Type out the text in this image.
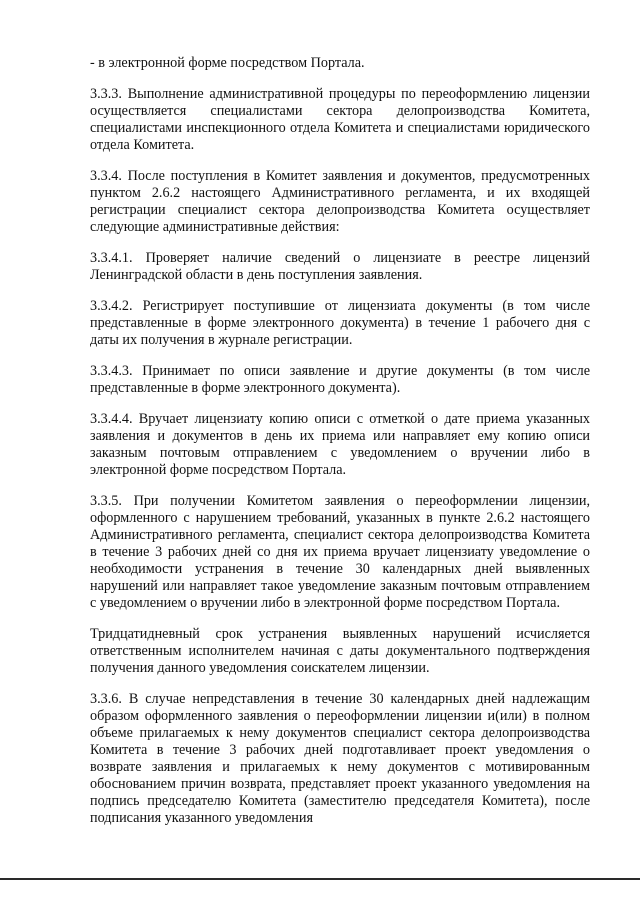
- в электронной форме посредством Портала.

3.3.3. Выполнение административной процедуры по переоформлению лицензии осуществляется специалистами сектора делопроизводства Комитета, специалистами инспекционного отдела Комитета и специалистами юридического отдела Комитета.

3.3.4. После поступления в Комитет заявления и документов, предусмотренных пунктом 2.6.2 настоящего Административного регламента, и их входящей регистрации специалист сектора делопроизводства Комитета осуществляет следующие административные действия:

3.3.4.1. Проверяет наличие сведений о лицензиате в реестре лицензий Ленинградской области в день поступления заявления.

3.3.4.2. Регистрирует поступившие от лицензиата документы (в том числе представленные в форме электронного документа) в течение 1 рабочего дня с даты их получения в журнале регистрации.

3.3.4.3. Принимает по описи заявление и другие документы (в том числе представленные в форме электронного документа).

3.3.4.4. Вручает лицензиату копию описи с отметкой о дате приема указанных заявления и документов в день их приема или направляет ему копию описи заказным почтовым отправлением с уведомлением о вручении либо в электронной форме посредством Портала.

3.3.5. При получении Комитетом заявления о переоформлении лицензии, оформленного с нарушением требований, указанных в пункте 2.6.2 настоящего Административного регламента, специалист сектора делопроизводства Комитета в течение 3 рабочих дней со дня их приема вручает лицензиату уведомление о необходимости устранения в течение 30 календарных дней выявленных нарушений или направляет такое уведомление заказным почтовым отправлением с уведомлением о вручении либо в электронной форме посредством Портала.

Тридцатидневный срок устранения выявленных нарушений исчисляется ответственным исполнителем начиная с даты документального подтверждения получения данного уведомления соискателем лицензии.

3.3.6. В случае непредставления в течение 30 календарных дней надлежащим образом оформленного заявления о переоформлении лицензии и(или) в полном объеме прилагаемых к нему документов специалист сектора делопроизводства Комитета в течение 3 рабочих дней подготавливает проект уведомления о возврате заявления и прилагаемых к нему документов с мотивированным обоснованием причин возврата, представляет проект указанного уведомления на подпись председателю Комитета (заместителю председателя Комитета), после подписания указанного уведомления
